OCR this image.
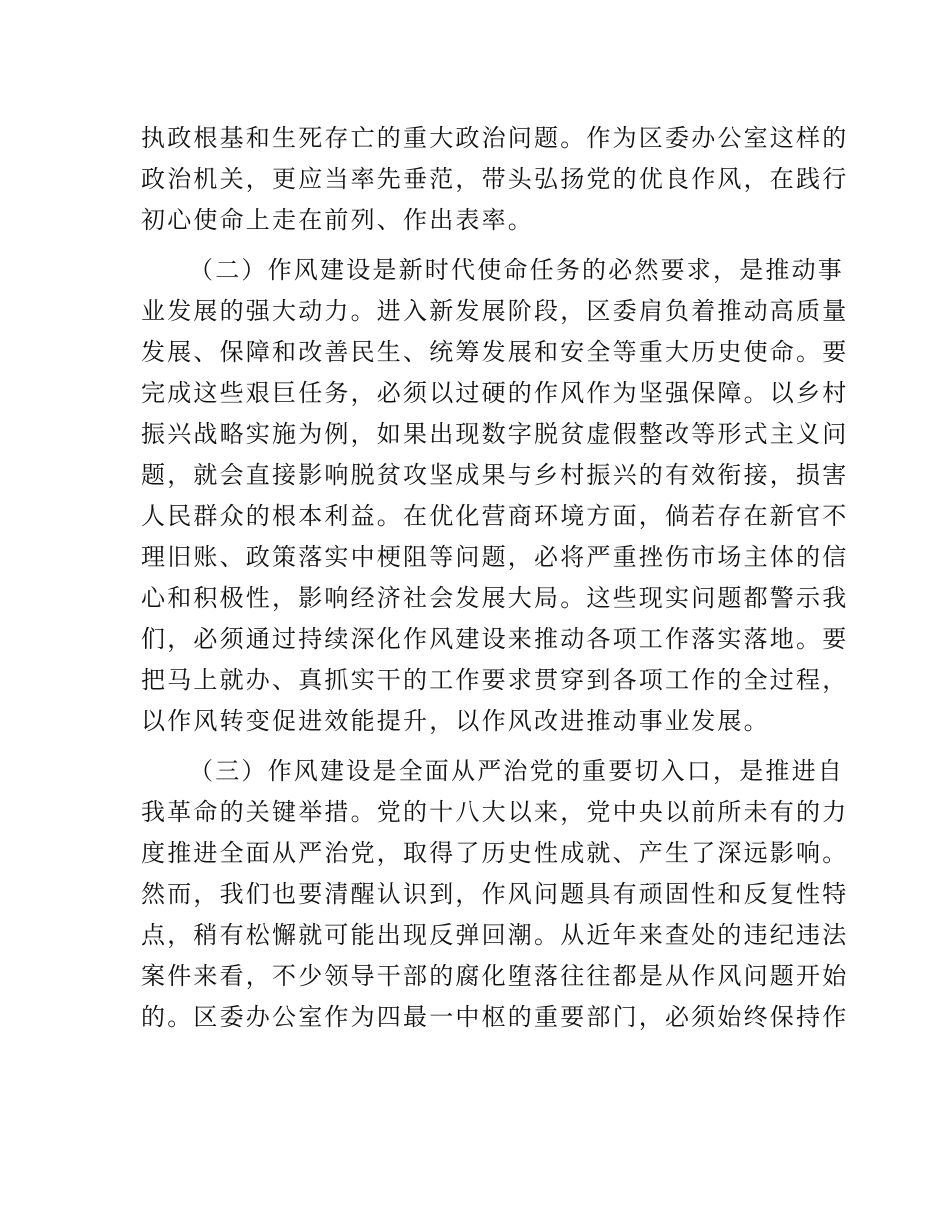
执政根基和生死存亡的重大政治问题。作为区委办公室这样的
政治机关，更应当率先垂范，带头弘扬党的优良作风，在践行
初心使命上走在前列、作出表率。
（二）作风建设是新时代使命任务的必然要求，是推动事
业发展的强大动力。进入新发展阶段，区委肩负着推动高质量
发展、保障和改善民生、统筹发展和安全等重大历史使命。要
完成这些艰巨任务，必须以过硬的作风作为坚强保障。以乡村
振兴战略实施为例，如果出现数字脱贫虚假整改等形式主义问
题，就会直接影响脱贫攻坚成果与乡村振兴的有效衔接，损害
人民群众的根本利益。在优化营商环境方面，倘若存在新官不
理旧账、政策落实中梗阻等问题，必将严重挫伤市场主体的信
心和积极性，影响经济社会发展大局。这些现实问题都警示我
们，必须通过持续深化作风建设来推动各项工作落实落地。要
把马上就办、真抓实干的工作要求贯穿到各项工作的全过程，
以作风转变促进效能提升，以作风改进推动事业发展。
（三）作风建设是全面从严治党的重要切入口，是推进自
我革命的关键举措。党的十八大以来，党中央以前所未有的力
度推进全面从严治党，取得了历史性成就、产生了深远影响。
然而，我们也要清醒认识到，作风问题具有顽固性和反复性特
点，稍有松懈就可能出现反弹回潮。从近年来查处的违纪违法
案件来看，不少领导干部的腐化堕落往往都是从作风问题开始
的。区委办公室作为四最一中枢的重要部门，必须始终保持作
